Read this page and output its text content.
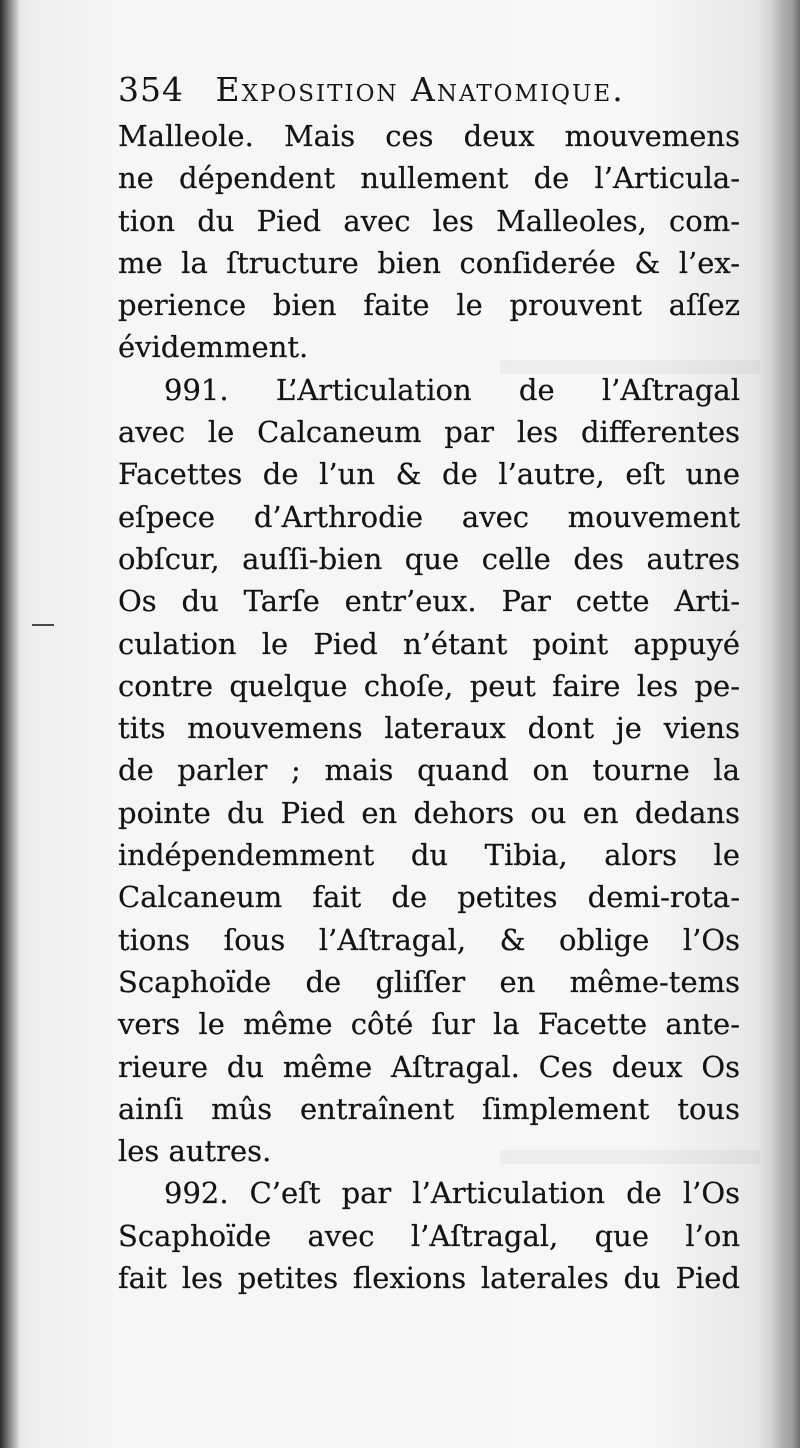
354 Exposition Anatomique.
Malleole. Mais ces deux mouvemens
ne dépendent nullement de l’Articula-
tion du Pied avec les Malleoles, com-
me la ſtructure bien conſiderée & l’ex-
perience bien faite le prouvent aſſez
évidemment.
991. L’Articulation de l’Aſtragal
avec le Calcaneum par les differentes
Facettes de l’un & de l’autre, eſt une
eſpece d’Arthrodie avec mouvement
obſcur, auſſi-bien que celle des autres
Os du Tarſe entr’eux. Par cette Arti-
culation le Pied n’étant point appuyé
contre quelque choſe, peut faire les pe-
tits mouvemens lateraux dont je viens
de parler ; mais quand on tourne la
pointe du Pied en dehors ou en dedans
indépendemment du Tibia, alors le
Calcaneum fait de petites demi-rota-
tions ſous l’Aſtragal, & oblige l’Os
Scaphoïde de gliſſer en même-tems
vers le même côté ſur la Facette ante-
rieure du même Aſtragal. Ces deux Os
ainſi mûs entraînent ſimplement tous
les autres.
992. C’eſt par l’Articulation de l’Os
Scaphoïde avec l’Aſtragal, que l’on
fait les petites flexions laterales du Pied
